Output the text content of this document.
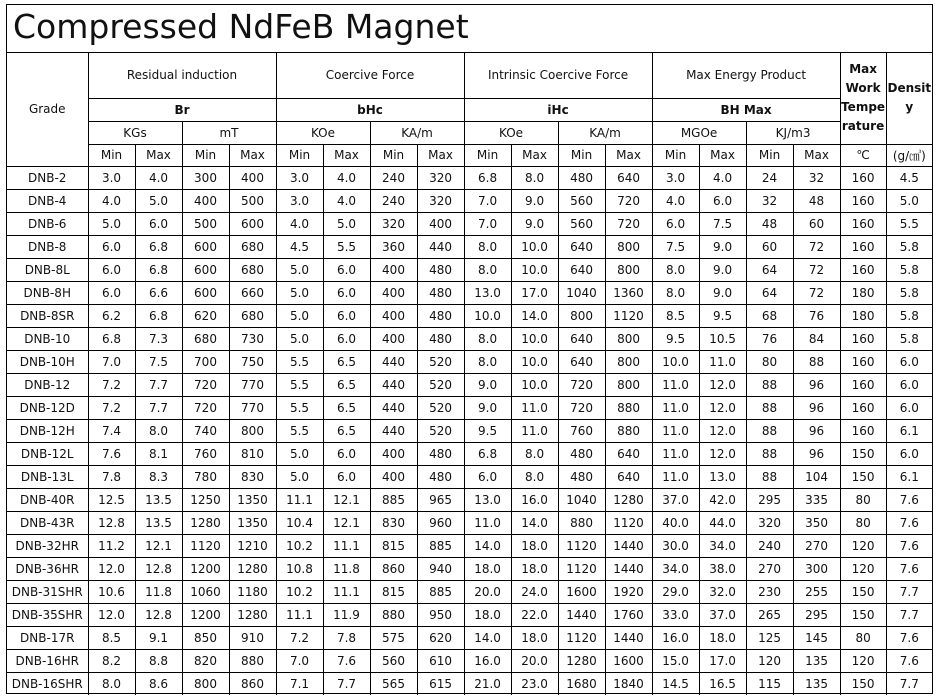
Compressed NdFeB Magnet
Grade	Residual induction				Coercive Force				Intrinsic Coercive Force				Max Energy Product				Max Work Tempe rature	Densit y
	Br				bHc				iHc				BH Max					
	KGs		mT		KOe		KA/m		KOe		KA/m		MGOe		KJ/m3			
	Min	Max	Min	Max	Min	Max	Min	Max	Min	Max	Min	Max	Min	Max	Min	Max	℃	(g/㎤)
DNB-2	3.0	4.0	300	400	3.0	4.0	240	320	6.8	8.0	480	640	3.0	4.0	24	32	160	4.5
DNB-4	4.0	5.0	400	500	3.0	4.0	240	320	7.0	9.0	560	720	4.0	6.0	32	48	160	5.0
DNB-6	5.0	6.0	500	600	4.0	5.0	320	400	7.0	9.0	560	720	6.0	7.5	48	60	160	5.5
DNB-8	6.0	6.8	600	680	4.5	5.5	360	440	8.0	10.0	640	800	7.5	9.0	60	72	160	5.8
DNB-8L	6.0	6.8	600	680	5.0	6.0	400	480	8.0	10.0	640	800	8.0	9.0	64	72	160	5.8
DNB-8H	6.0	6.6	600	660	5.0	6.0	400	480	13.0	17.0	1040	1360	8.0	9.0	64	72	180	5.8
DNB-8SR	6.2	6.8	620	680	5.0	6.0	400	480	10.0	14.0	800	1120	8.5	9.5	68	76	180	5.8
DNB-10	6.8	7.3	680	730	5.0	6.0	400	480	8.0	10.0	640	800	9.5	10.5	76	84	160	5.8
DNB-10H	7.0	7.5	700	750	5.5	6.5	440	520	8.0	10.0	640	800	10.0	11.0	80	88	160	6.0
DNB-12	7.2	7.7	720	770	5.5	6.5	440	520	9.0	10.0	720	800	11.0	12.0	88	96	160	6.0
DNB-12D	7.2	7.7	720	770	5.5	6.5	440	520	9.0	11.0	720	880	11.0	12.0	88	96	160	6.0
DNB-12H	7.4	8.0	740	800	5.5	6.5	440	520	9.5	11.0	760	880	11.0	12.0	88	96	160	6.1
DNB-12L	7.6	8.1	760	810	5.0	6.0	400	480	6.8	8.0	480	640	11.0	12.0	88	96	150	6.0
DNB-13L	7.8	8.3	780	830	5.0	6.0	400	480	6.0	8.0	480	640	11.0	13.0	88	104	150	6.1
DNB-40R	12.5	13.5	1250	1350	11.1	12.1	885	965	13.0	16.0	1040	1280	37.0	42.0	295	335	80	7.6
DNB-43R	12.8	13.5	1280	1350	10.4	12.1	830	960	11.0	14.0	880	1120	40.0	44.0	320	350	80	7.6
DNB-32HR	11.2	12.1	1120	1210	10.2	11.1	815	885	14.0	18.0	1120	1440	30.0	34.0	240	270	120	7.6
DNB-36HR	12.0	12.8	1200	1280	10.8	11.8	860	940	18.0	18.0	1120	1440	34.0	38.0	270	300	120	7.6
DNB-31SHR	10.6	11.8	1060	1180	10.2	11.1	815	885	20.0	24.0	1600	1920	29.0	32.0	230	255	150	7.7
DNB-35SHR	12.0	12.8	1200	1280	11.1	11.9	880	950	18.0	22.0	1440	1760	33.0	37.0	265	295	150	7.7
DNB-17R	8.5	9.1	850	910	7.2	7.8	575	620	14.0	18.0	1120	1440	16.0	18.0	125	145	80	7.6
DNB-16HR	8.2	8.8	820	880	7.0	7.6	560	610	16.0	20.0	1280	1600	15.0	17.0	120	135	120	7.6
DNB-16SHR	8.0	8.6	800	860	7.1	7.7	565	615	21.0	23.0	1680	1840	14.5	16.5	115	135	150	7.7
